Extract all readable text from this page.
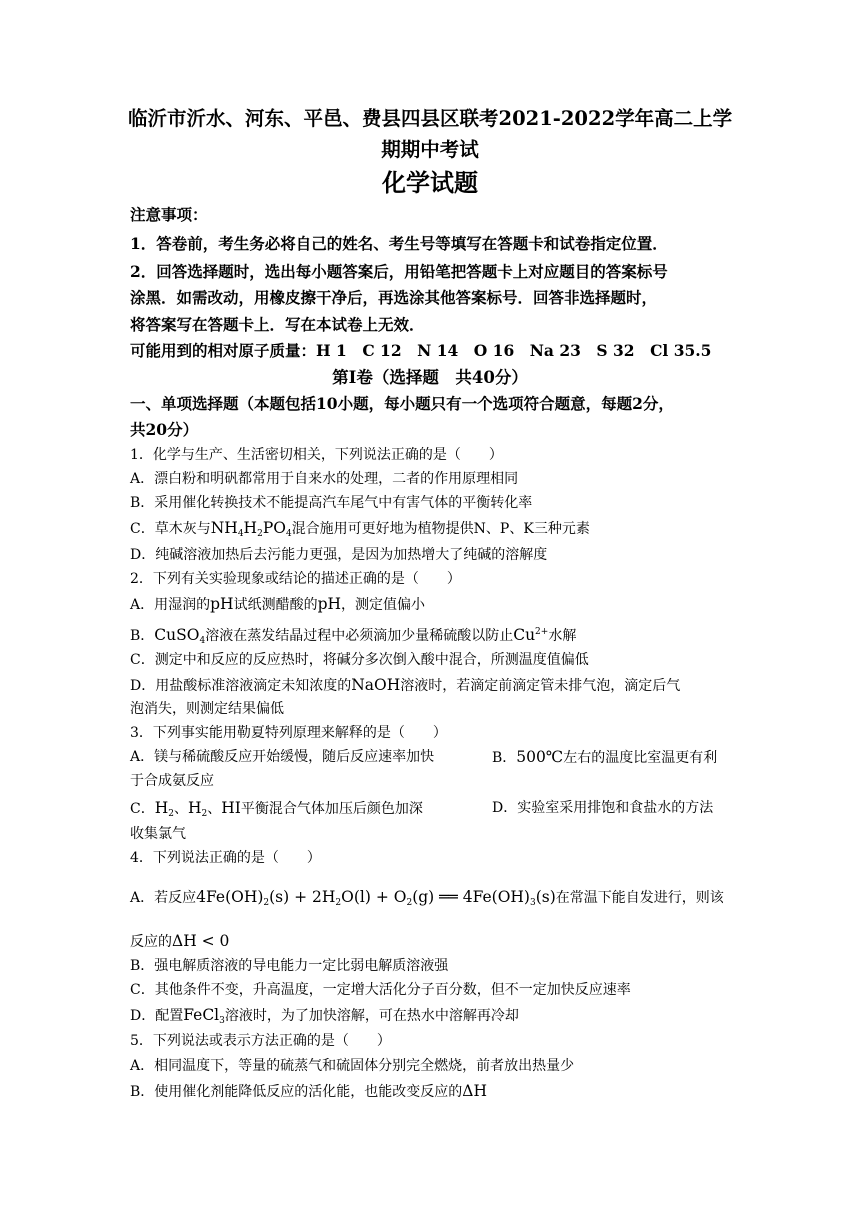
临沂市沂水、河东、平邑、费县四县区联考2021-2022学年高二上学
期期中考试
化学试题
注意事项：
1．答卷前，考生务必将自己的姓名、考生号等填写在答题卡和试卷指定位置．
2．回答选择题时，选出每小题答案后，用铅笔把答题卡上对应题目的答案标号
涂黑．如需改动，用橡皮擦干净后，再选涂其他答案标号．回答非选择题时，
将答案写在答题卡上．写在本试卷上无效．
可能用到的相对原子质量：H 1　C 12　N 14　O 16　Na 23　S 32　Cl 35.5
第Ⅰ卷（选择题　共40分）
一、单项选择题（本题包括10小题，每小题只有一个选项符合题意，每题2分，
共20分）
1．化学与生产、生活密切相关，下列说法正确的是（　　）
A．漂白粉和明矾都常用于自来水的处理，二者的作用原理相同
B．采用催化转换技术不能提高汽车尾气中有害气体的平衡转化率
C．草木灰与$NH_4H_2PO_4$混合施用可更好地为植物提供N、P、K三种元素
D．纯碱溶液加热后去污能力更强，是因为加热增大了纯碱的溶解度
2．下列有关实验现象或结论的描述正确的是（　　）
A．用湿润的pH试纸测醋酸的pH，测定值偏小
B．CuSO$_4$溶液在蒸发结晶过程中必须滴加少量稀硫酸以防止$Cu^{2+}$水解
C．测定中和反应的反应热时，将碱分多次倒入酸中混合，所测温度值偏低
D．用盐酸标准溶液滴定未知浓度的NaOH溶液时，若滴定前滴定管未排气泡，滴定后气
泡消失，则测定结果偏低
3．下列事实能用勒夏特列原理来解释的是（　　）
A．镁与稀硫酸反应开始缓慢，随后反应速率加快	B．500℃左右的温度比室温更有利
于合成氨反应
C．$H_2$、$H_2$、HI平衡混合气体加压后颜色加深	D．实验室采用排饱和食盐水的方法
收集氯气
4．下列说法正确的是（　　）
A．若反应$4Fe(OH)_2(s) + 2H_2O(l) + O_2(g)$ ══ $4Fe(OH)_3(s)$在常温下能自发进行，则该
反应的ΔH < 0
B．强电解质溶液的导电能力一定比弱电解质溶液强
C．其他条件不变，升高温度，一定增大活化分子百分数，但不一定加快反应速率
D．配置FeCl$_3$溶液时，为了加快溶解，可在热水中溶解再冷却
5．下列说法或表示方法正确的是（　　）
A．相同温度下，等量的硫蒸气和硫固体分别完全燃烧，前者放出热量少
B．使用催化剂能降低反应的活化能，也能改变反应的ΔH
